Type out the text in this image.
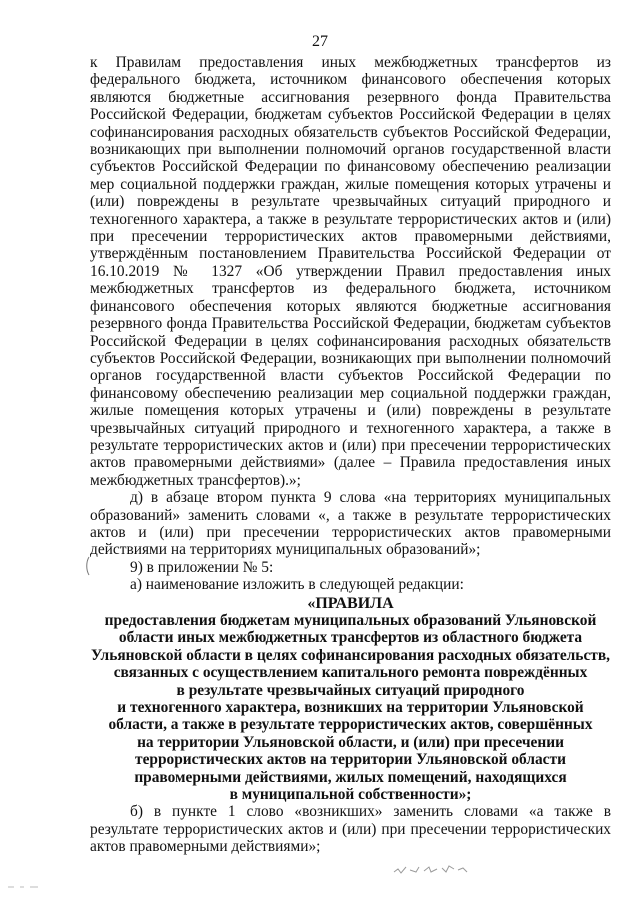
27

к Правилам предоставления иных межбюджетных трансфертов из федерального бюджета, источником финансового обеспечения которых являются бюджетные ассигнования резервного фонда Правительства Российской Федерации, бюджетам субъектов Российской Федерации в целях софинансирования расходных обязательств субъектов Российской Федерации, возникающих при выполнении полномочий органов государственной власти субъектов Российской Федерации по финансовому обеспечению реализации мер социальной поддержки граждан, жилые помещения которых утрачены и (или) повреждены в результате чрезвычайных ситуаций природного и техногенного характера, а также в результате террористических актов и (или) при пресечении террористических актов правомерными действиями, утверждённым постановлением Правительства Российской Федерации от 16.10.2019 № 1327 «Об утверждении Правил предоставления иных межбюджетных трансфертов из федерального бюджета, источником финансового обеспечения которых являются бюджетные ассигнования резервного фонда Правительства Российской Федерации, бюджетам субъектов Российской Федерации в целях софинансирования расходных обязательств субъектов Российской Федерации, возникающих при выполнении полномочий органов государственной власти субъектов Российской Федерации по финансовому обеспечению реализации мер социальной поддержки граждан, жилые помещения которых утрачены и (или) повреждены в результате чрезвычайных ситуаций природного и техногенного характера, а также в результате террористических актов и (или) при пресечении террористических актов правомерными действиями» (далее – Правила предоставления иных межбюджетных трансфертов).»;

д) в абзаце втором пункта 9 слова «на территориях муниципальных образований» заменить словами «, а также в результате террористических актов и (или) при пресечении террористических актов правомерными действиями на территориях муниципальных образований»;

9) в приложении № 5:

а) наименование изложить в следующей редакции:

«ПРАВИЛА

предоставления бюджетам муниципальных образований Ульяновской
области иных межбюджетных трансфертов из областного бюджета
Ульяновской области в целях софинансирования расходных обязательств,
связанных с осуществлением капитального ремонта повреждённых
в результате чрезвычайных ситуаций природного
и техногенного характера, возникших на территории Ульяновской
области, а также в результате террористических актов, совершённых
на территории Ульяновской области, и (или) при пресечении
террористических актов на территории Ульяновской области
правомерными действиями, жилых помещений, находящихся
в муниципальной собственности»;

б) в пункте 1 слово «возникших» заменить словами «а также в результате террористических актов и (или) при пресечении террористических актов правомерными действиями»;
